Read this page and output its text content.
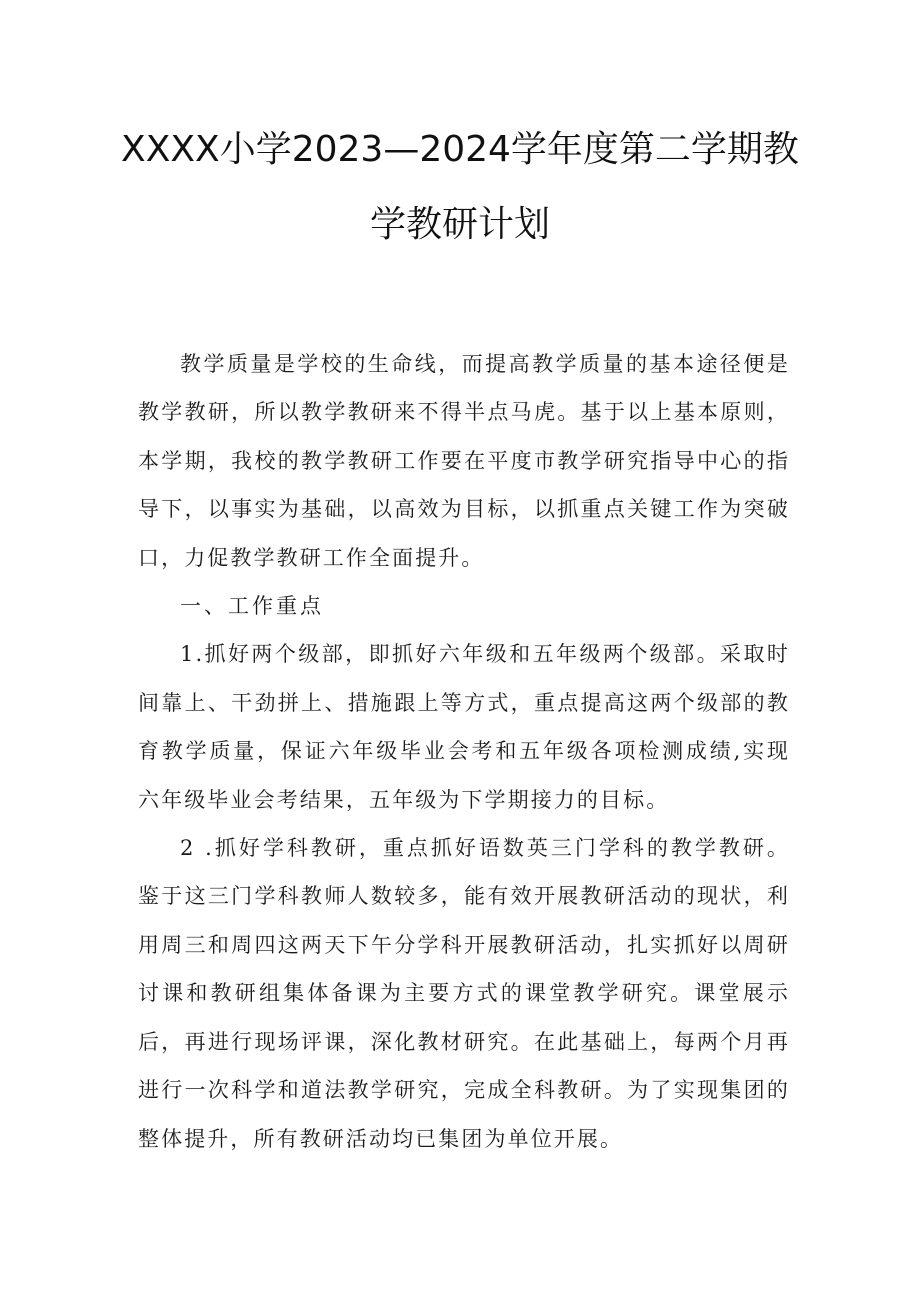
XXXX小学2023—2024学年度第二学期教
学教研计划

教学质量是学校的生命线，而提高教学质量的基本途径便是教学教研，所以教学教研来不得半点马虎。基于以上基本原则，本学期，我校的教学教研工作要在平度市教学研究指导中心的指导下，以事实为基础，以高效为目标，以抓重点关键工作为突破口，力促教学教研工作全面提升。

一、工作重点

1.抓好两个级部，即抓好六年级和五年级两个级部。采取时间靠上、干劲拼上、措施跟上等方式，重点提高这两个级部的教育教学质量，保证六年级毕业会考和五年级各项检测成绩,实现六年级毕业会考结果，五年级为下学期接力的目标。

2 .抓好学科教研，重点抓好语数英三门学科的教学教研。鉴于这三门学科教师人数较多，能有效开展教研活动的现状，利用周三和周四这两天下午分学科开展教研活动，扎实抓好以周研讨课和教研组集体备课为主要方式的课堂教学研究。课堂展示后，再进行现场评课，深化教材研究。在此基础上，每两个月再进行一次科学和道法教学研究，完成全科教研。为了实现集团的整体提升，所有教研活动均已集团为单位开展。
